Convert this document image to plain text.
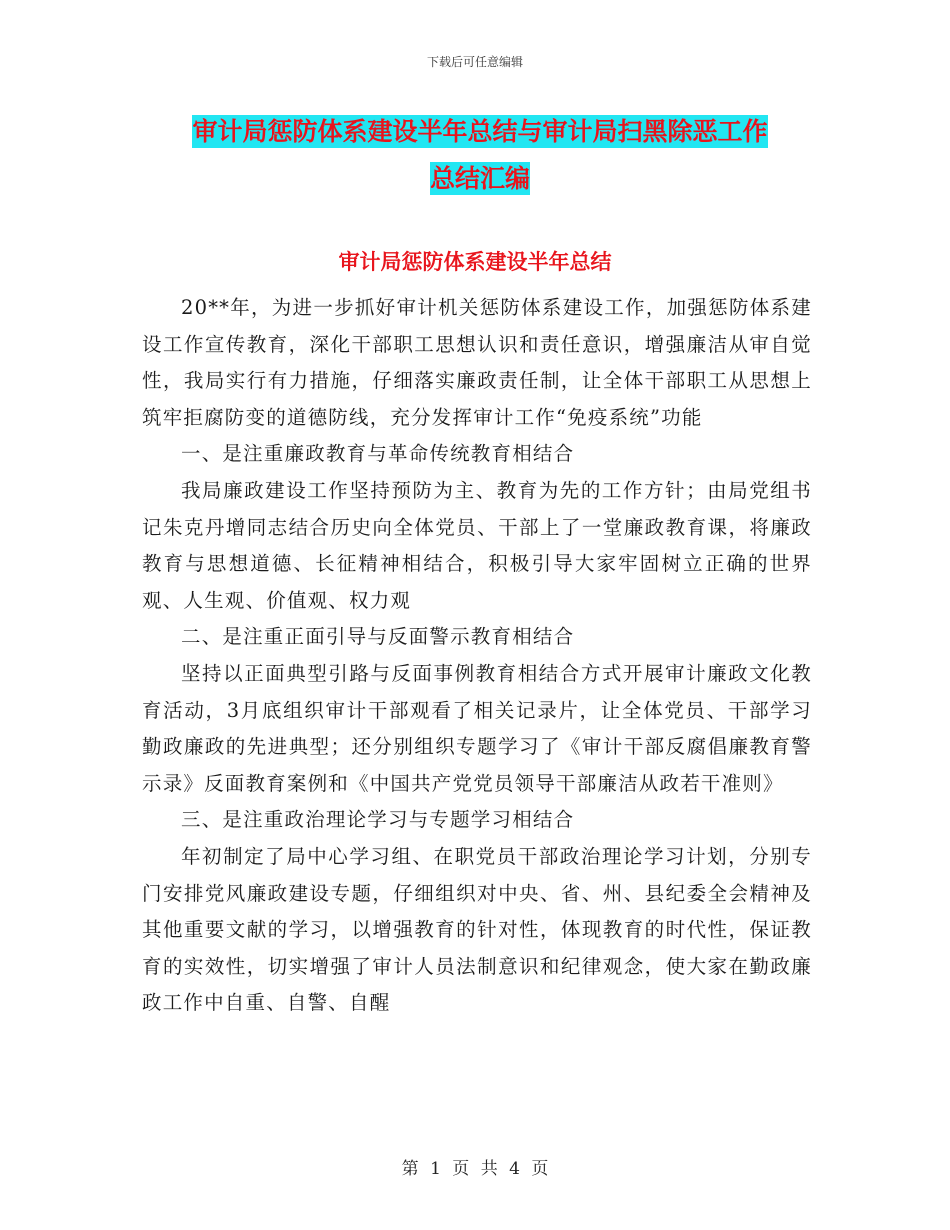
下载后可任意编辑
审计局惩防体系建设半年总结与审计局扫黑除恶工作
总结汇编
审计局惩防体系建设半年总结

20**年，为进一步抓好审计机关惩防体系建设工作，加强惩防体系建设工作宣传教育，深化干部职工思想认识和责任意识，增强廉洁从审自觉性，我局实行有力措施，仔细落实廉政责任制，让全体干部职工从思想上筑牢拒腐防变的道德防线，充分发挥审计工作“免疫系统”功能

一、是注重廉政教育与革命传统教育相结合

我局廉政建设工作坚持预防为主、教育为先的工作方针；由局党组书记朱克丹增同志结合历史向全体党员、干部上了一堂廉政教育课，将廉政教育与思想道德、长征精神相结合，积极引导大家牢固树立正确的世界观、人生观、价值观、权力观

二、是注重正面引导与反面警示教育相结合

坚持以正面典型引路与反面事例教育相结合方式开展审计廉政文化教育活动，3月底组织审计干部观看了相关记录片，让全体党员、干部学习勤政廉政的先进典型；还分别组织专题学习了《审计干部反腐倡廉教育警示录》反面教育案例和《中国共产党党员领导干部廉洁从政若干准则》

三、是注重政治理论学习与专题学习相结合

年初制定了局中心学习组、在职党员干部政治理论学习计划，分别专门安排党风廉政建设专题，仔细组织对中央、省、州、县纪委全会精神及其他重要文献的学习，以增强教育的针对性，体现教育的时代性，保证教育的实效性，切实增强了审计人员法制意识和纪律观念，使大家在勤政廉政工作中自重、自警、自醒

第 1 页 共 4 页
